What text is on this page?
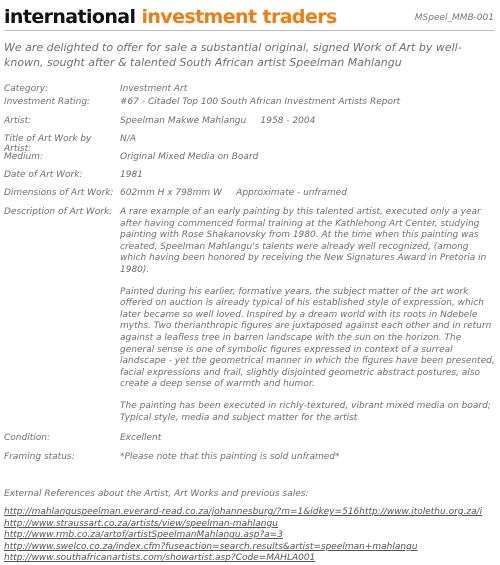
international investment traders	MSpeel_MMB-001
We are delighted to offer for sale a substantial original, signed Work of Art by well-known, sought after & talented South African artist Speelman Mahlangu
Category:	Investment Art
Investment Rating:	#67 - Citadel Top 100 South African Investment Artists Report
Artist:	Speelman Makwe Mahlangu     1958 - 2004
Title of Art Work by Artist:
N/A
Medium:	Original Mixed Media on Board
Date of Art Work:	1981
Dimensions of Art Work: 602mm H x 798mm W     Approximate - unframed
Description of Art Work: A rare example of an early painting by this talented artist, executed only a year after having commenced formal training at the Kathlehong Art Center, studying painting with Rose Shakanovsky from 1980. At the time when this painting was created, Speelman Mahlangu's talents were already well recognized, (among which having been honored by receiving the New Signatures Award in Pretoria in 1980).

Painted during his earlier, formative years, the subject matter of the art work offered on auction is already typical of his established style of expression, which later became so well loved. Inspired by a dream world with its roots in Ndebele myths. Two therianthropic figures are juxtaposed against each other and in return against a leafless tree in barren landscape with the sun on the horizon. The general sense is one of symbolic figures expressed in context of a surreal landscape - yet the geometrical manner in which the figures have been presented, facial expressions and frail, slightly disjointed geometric abstract postures, also create a deep sense of warmth and humor.

The painting has been executed in richly-textured, vibrant mixed media on board; Typical style, media and subject matter for the artist

Condition:	Excellent
Framing status:	*Please note that this painting is sold unframed*
External References about the Artist, Art Works and previous sales:
http://mahlanguspeelman.everard-read.co.za/johannesburg/?m=1&idkey=516http://www.itolethu.org.za/i
http://www.straussart.co.za/artists/view/speelman-mahlangu
http://www.rmb.co.za/artof/artistSpeelmanMahlangu.asp?a=3
http://www.swelco.co.za/index.cfm?fuseaction=search.results&artist=speelman+mahlangu
http://www.southafricanartists.com/showartist.asp?Code=MAHLA001
